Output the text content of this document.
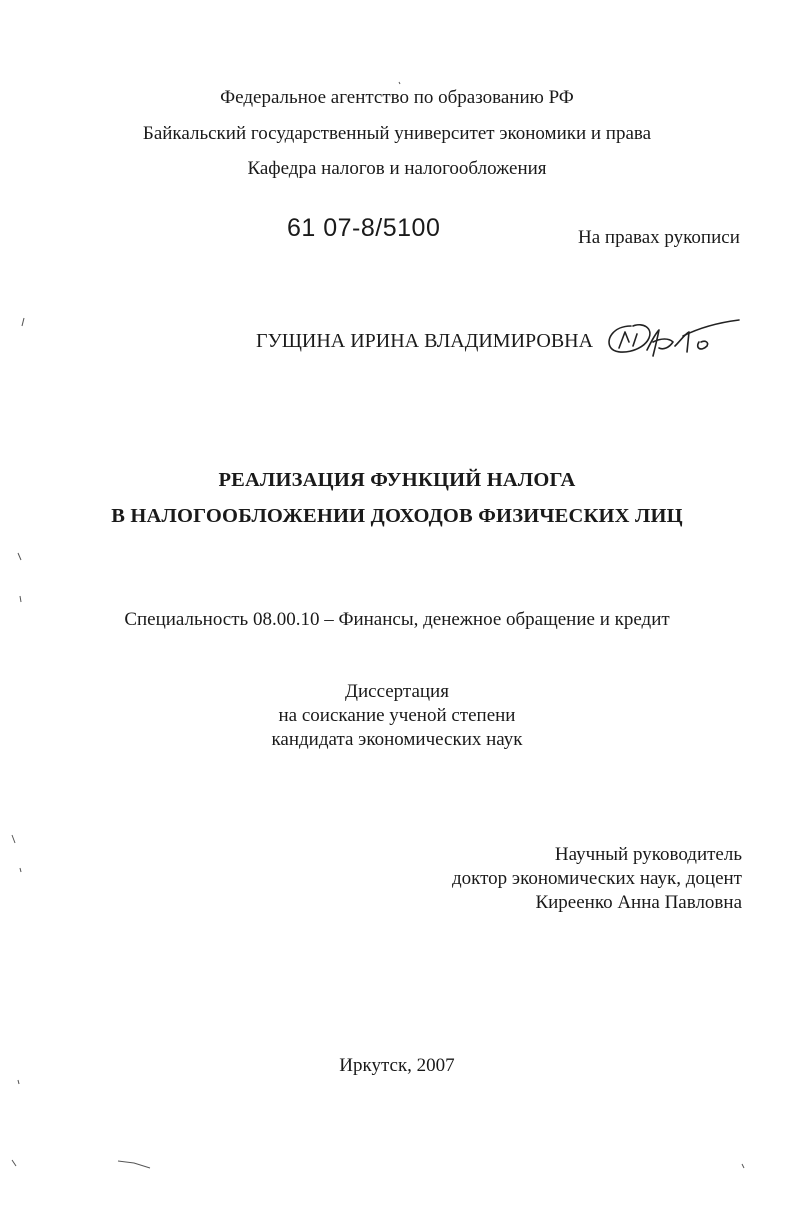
Федеральное агентство по образованию РФ
Байкальский государственный университет экономики и права
Кафедра налогов и налогообложения
61 07-8/5100	На правах рукописи
ГУЩИНА ИРИНА ВЛАДИМИРОВНА
РЕАЛИЗАЦИЯ ФУНКЦИЙ НАЛОГА
В НАЛОГООБЛОЖЕНИИ ДОХОДОВ ФИЗИЧЕСКИХ ЛИЦ
Специальность 08.00.10 – Финансы, денежное обращение и кредит
Диссертация
на соискание ученой степени
кандидата экономических наук
Научный руководитель
доктор экономических наук, доцент
Киреенко Анна Павловна
Иркутск, 2007
